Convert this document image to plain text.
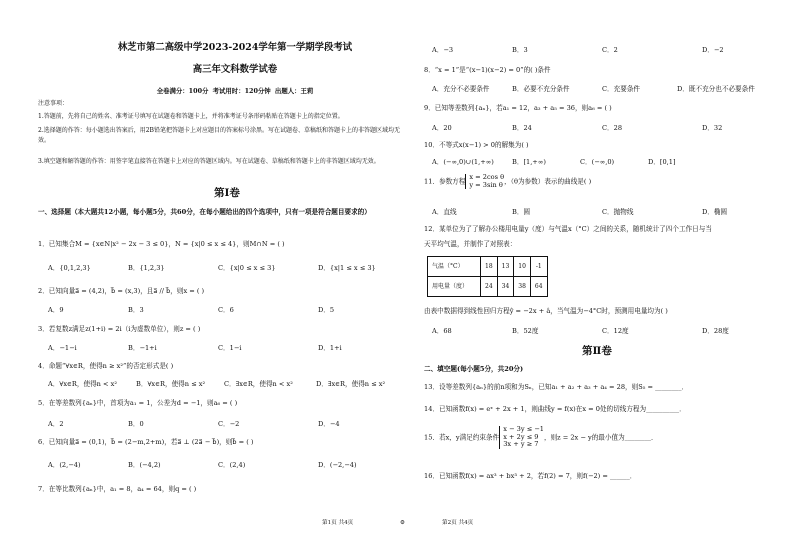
林芝市第二高级中学2023-2024学年第一学期学段考试
高三年文科数学试卷
全卷满分：100分 考试用时：120分钟 出题人：王莉
注意事项：
1.答题前，先将自己的姓名、准考证号填写在试题卷和答题卡上，并将准考证号条形码粘贴在答题卡上的指定位置。
2.选择题的作答：每小题选出答案后，用2B铅笔把答题卡上对应题目的答案标号涂黑。写在试题卷、草稿纸和答题卡上的非答题区域均无效。
3.填空题和解答题的作答：用签字笔直接答在答题卡上对应的答题区域内。写在试题卷、草稿纸和答题卡上的非答题区域均无效。
第Ⅰ卷
一、选择题（本大题共12小题，每小题5分，共60分，在每小题给出的四个选项中，只有一项是符合题目要求的）
1．已知集合M = {x∈N|x² − 2x − 3 ≤ 0}，N = {x|0 ≤ x ≤ 4}，则M∩N = ( )
A．{0,1,2,3}	B．{1,2,3}	C．{x|0 ≤ x ≤ 3}	D．{x|1 ≤ x ≤ 3}
2．已知向量a⃗ = (4,2)，b⃗ = (x,3)，且a⃗ // b⃗，则x = ( )
A．9	B．3	C．6	D．5
3．若复数z满足z(1+i) = 2i（i为虚数单位），则z = ( )
A．−1−i	B．−1+i	C．1−i	D．1+i
4．命题“∀x∈R，使得n ≥ x²”的否定形式是( )
A．∀x∈R，使得n < x²	B．∀x∈R，使得n ≤ x²	C．∃x∈R，使得n < x²	D．∃x∈R，使得n ≤ x²
5．在等差数列{aₙ}中，首项为a₁ = 1，公差为d = −1，则a₆ = ( )
A．2	B．0	C．−2	D．−4
6．已知向量a⃗ = (0,1)，b⃗ = (2−m,2+m)，若a⃗ ⊥ (2a⃗ − b⃗)，则b⃗ = ( )
A．(2,−4)	B．(−4,2)	C．(2,4)	D．(−2,−4)
7．在等比数列{aₙ}中，a₁ = 8，a₄ = 64，则q = ( )
第1页 共4页	⚙
A．−3	B．3	C．2	D．−2
8．“x = 1”是“(x−1)(x−2) = 0”的( )条件
A．充分不必要条件	B．必要不充分条件	C．充要条件	D．既不充分也不必要条件
9．已知等差数列{aₙ}，若a₁ = 12，a₃ + a₅ = 36，则a₆ = ( )
A．20	B．24	C．28	D．32
10．不等式x(x−1) > 0的解集为( )
A．(−∞,0)∪(1,+∞)	B．[1,+∞)	C．(−∞,0)	D．[0,1]
11．参数方程x = 2cos θ
y = 3sin θ，（θ为参数）表示的曲线是( )
A．直线	B．圆	C．抛物线	D．椭圆
12．某单位为了了解办公楼用电量y（度）与气温x（°C）之间的关系，随机统计了四个工作日与当
天平均气温，并制作了对照表：
气温（°C）	18	13	10	-1
用电量（度）	24	34	38	64
由表中数据得到线性回归方程ŷ = −2x + â，当气温为−4°C时，预测用电量均为( )
A．68	B．52度	C．12度	D．28度
第Ⅱ卷
二、填空题(每小题5分，共20分)
13．设等差数列{aₙ}的前n项和为Sₙ，已知a₁ + a₂ + a₃ + a₄ = 28，则S₅ = ________．
14．已知函数f(x) = eˣ + 2x + 1，则曲线y = f(x)在x = 0处的切线方程为__________．
15．若x，y满足约束条件x − 3y ≤ −1
x + 2y ≤ 9
3x + y ≥ 7，则z = 2x − y的最小值为________．
16．已知函数f(x) = ax³ + bx³ + 2，若f(2) = 7，则f(−2) = ______．
第2页 共4页
